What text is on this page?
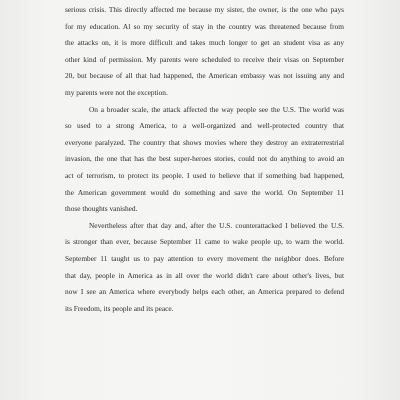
serious crisis. This directly affected me because my sister, the owner, is the one who pays
for my education. Al so my security of stay in the country was threatened because from
the attacks on, it is more difficult and takes much longer to get an student visa as any
other kind of permission. My parents were scheduled to receive their visas on September
20, but because of all that had happened, the American embassy was not issuing any and
my parents were not the exception.
On a broader scale, the attack affected the way people see the U.S. The world was
so used to a strong America, to a well-organized and well-protected country that
everyone paralyzed. The country that shows movies where they destroy an extraterrestrial
invasion, the one that has the best super-heroes stories, could not do anything to avoid an
act of terrorism, to protect its people. I used to believe that if something bad happened,
the American government would do something and save the world. On September 11
those thoughts vanished.
Nevertheless after that day and, after the U.S. counterattacked I believed the U.S.
is stronger than ever, because September 11 came to wake people up, to warn the world.
September 11 taught us to pay attention to every movement the neighbor does. Before
that day, people in America as in all over the world didn't care about other's lives, but
now I see an America where everybody helps each other, an America prepared to defend
its Freedom, its people and its peace.
